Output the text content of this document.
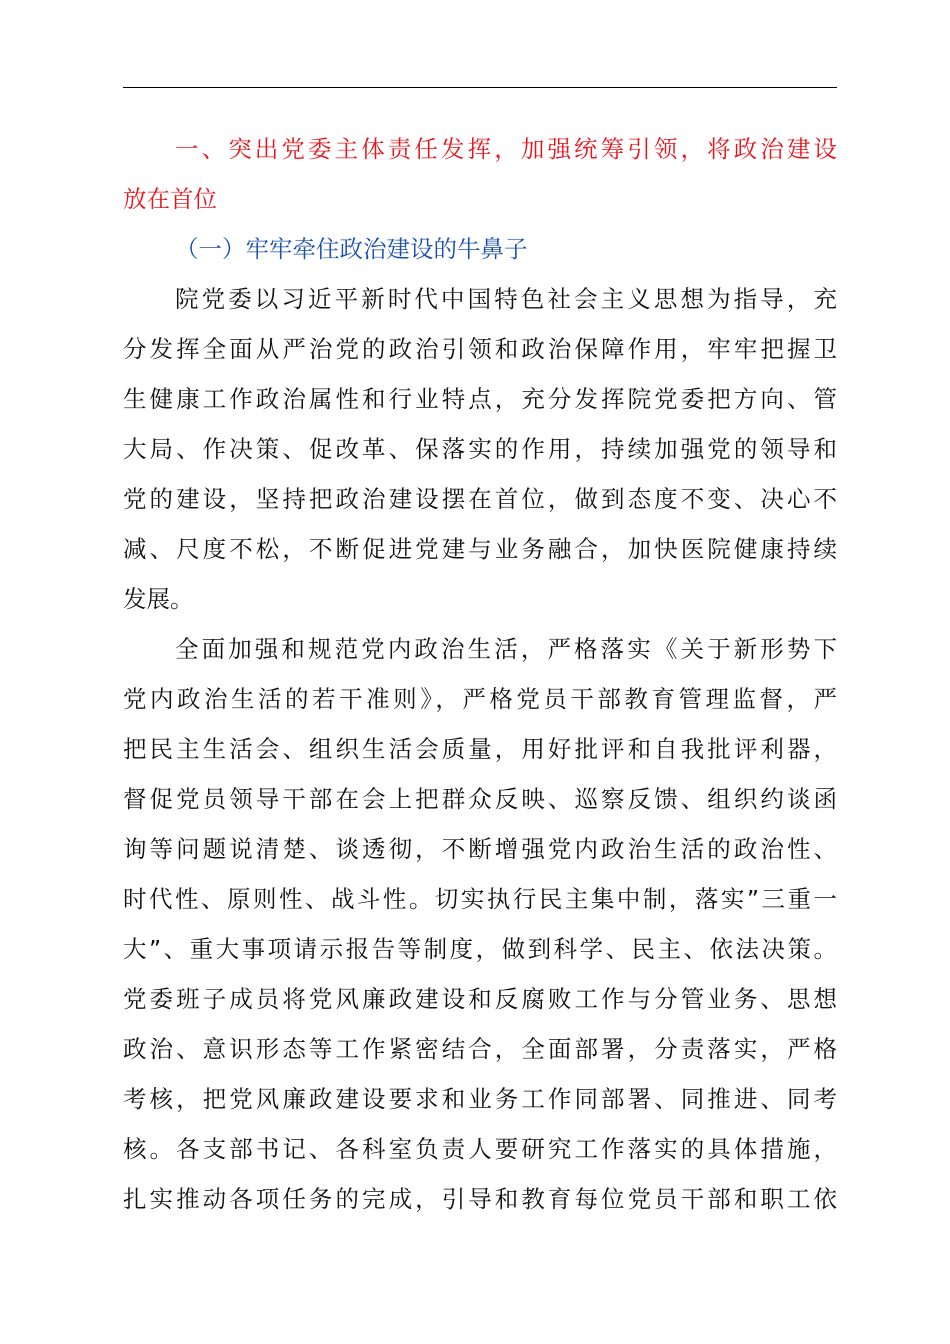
一、突出党委主体责任发挥，加强统筹引领，将政治建设
放在首位
（一）牢牢牵住政治建设的牛鼻子
院党委以习近平新时代中国特色社会主义思想为指导，充
分发挥全面从严治党的政治引领和政治保障作用，牢牢把握卫
生健康工作政治属性和行业特点，充分发挥院党委把方向、管
大局、作决策、促改革、保落实的作用，持续加强党的领导和
党的建设，坚持把政治建设摆在首位，做到态度不变、决心不
减、尺度不松，不断促进党建与业务融合，加快医院健康持续
发展。
全面加强和规范党内政治生活，严格落实《关于新形势下
党内政治生活的若干准则》，严格党员干部教育管理监督，严
把民主生活会、组织生活会质量，用好批评和自我批评利器，
督促党员领导干部在会上把群众反映、巡察反馈、组织约谈函
询等问题说清楚、谈透彻，不断增强党内政治生活的政治性、
时代性、原则性、战斗性。切实执行民主集中制，落实”三重一
大”、重大事项请示报告等制度，做到科学、民主、依法决策。
党委班子成员将党风廉政建设和反腐败工作与分管业务、思想
政治、意识形态等工作紧密结合，全面部署，分责落实，严格
考核，把党风廉政建设要求和业务工作同部署、同推进、同考
核。各支部书记、各科室负责人要研究工作落实的具体措施，
扎实推动各项任务的完成，引导和教育每位党员干部和职工依
